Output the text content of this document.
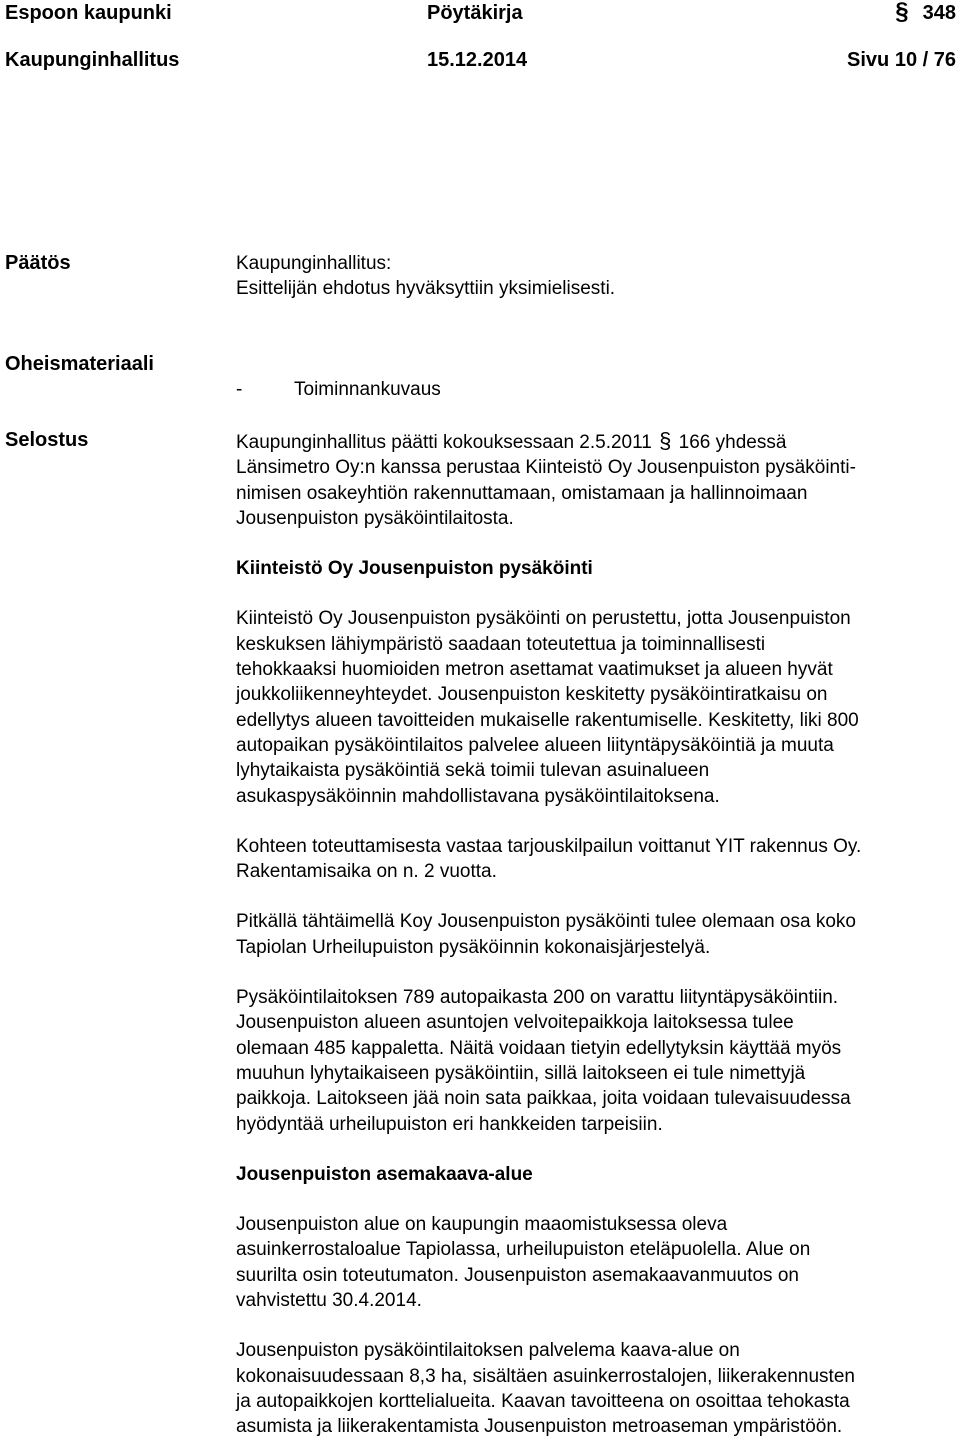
Espoon kaupunki	Pöytäkirja	§ 348
Kaupunginhallitus	15.12.2014	Sivu 10 / 76
Päätös	Kaupunginhallitus:

Esittelijän ehdotus hyväksyttiin yksimielisesti.

Oheismateriaali

-	Toiminnankuvaus

Selostus	Kaupunginhallitus päätti kokouksessaan 2.5.2011 § 166 yhdessä

Länsimetro Oy:n kanssa perustaa Kiinteistö Oy Jousenpuiston pysäköinti-

nimisen osakeyhtiön rakennuttamaan, omistamaan ja hallinnoimaan

Jousenpuiston pysäköintilaitosta.

Kiinteistö Oy Jousenpuiston pysäköinti

Kiinteistö Oy Jousenpuiston pysäköinti on perustettu, jotta Jousenpuiston

keskuksen lähiympäristö saadaan toteutettua ja toiminnallisesti

tehokkaaksi huomioiden metron asettamat vaatimukset ja alueen hyvät

joukkoliikenneyhteydet. Jousenpuiston keskitetty pysäköintiratkaisu on

edellytys alueen tavoitteiden mukaiselle rakentumiselle. Keskitetty, liki 800

autopaikan pysäköintilaitos palvelee alueen liityntäpysäköintiä ja muuta

lyhytaikaista pysäköintiä sekä toimii tulevan asuinalueen

asukaspysäköinnin mahdollistavana pysäköintilaitoksena.

Kohteen toteuttamisesta vastaa tarjouskilpailun voittanut YIT rakennus Oy.

Rakentamisaika on n. 2 vuotta.

Pitkällä tähtäimellä Koy Jousenpuiston pysäköinti tulee olemaan osa koko

Tapiolan Urheilupuiston pysäköinnin kokonaisjärjestelyä.

Pysäköintilaitoksen 789 autopaikasta 200 on varattu liityntäpysäköintiin.

Jousenpuiston alueen asuntojen velvoitepaikkoja laitoksessa tulee

olemaan 485 kappaletta. Näitä voidaan tietyin edellytyksin käyttää myös

muuhun lyhytaikaiseen pysäköintiin, sillä laitokseen ei tule nimettyjä

paikkoja. Laitokseen jää noin sata paikkaa, joita voidaan tulevaisuudessa

hyödyntää urheilupuiston eri hankkeiden tarpeisiin.

Jousenpuiston asemakaava-alue

Jousenpuiston alue on kaupungin maaomistuksessa oleva

asuinkerrostaloalue Tapiolassa, urheilupuiston eteläpuolella. Alue on

suurilta osin toteutumaton. Jousenpuiston asemakaavanmuutos on

vahvistettu 30.4.2014.

Jousenpuiston pysäköintilaitoksen palvelema kaava-alue on

kokonaisuudessaan 8,3 ha, sisältäen asuinkerrostalojen, liikerakennusten

ja autopaikkojen korttelialueita. Kaavan tavoitteena on osoittaa tehokasta

asumista ja liikerakentamista Jousenpuiston metroaseman ympäristöön.
